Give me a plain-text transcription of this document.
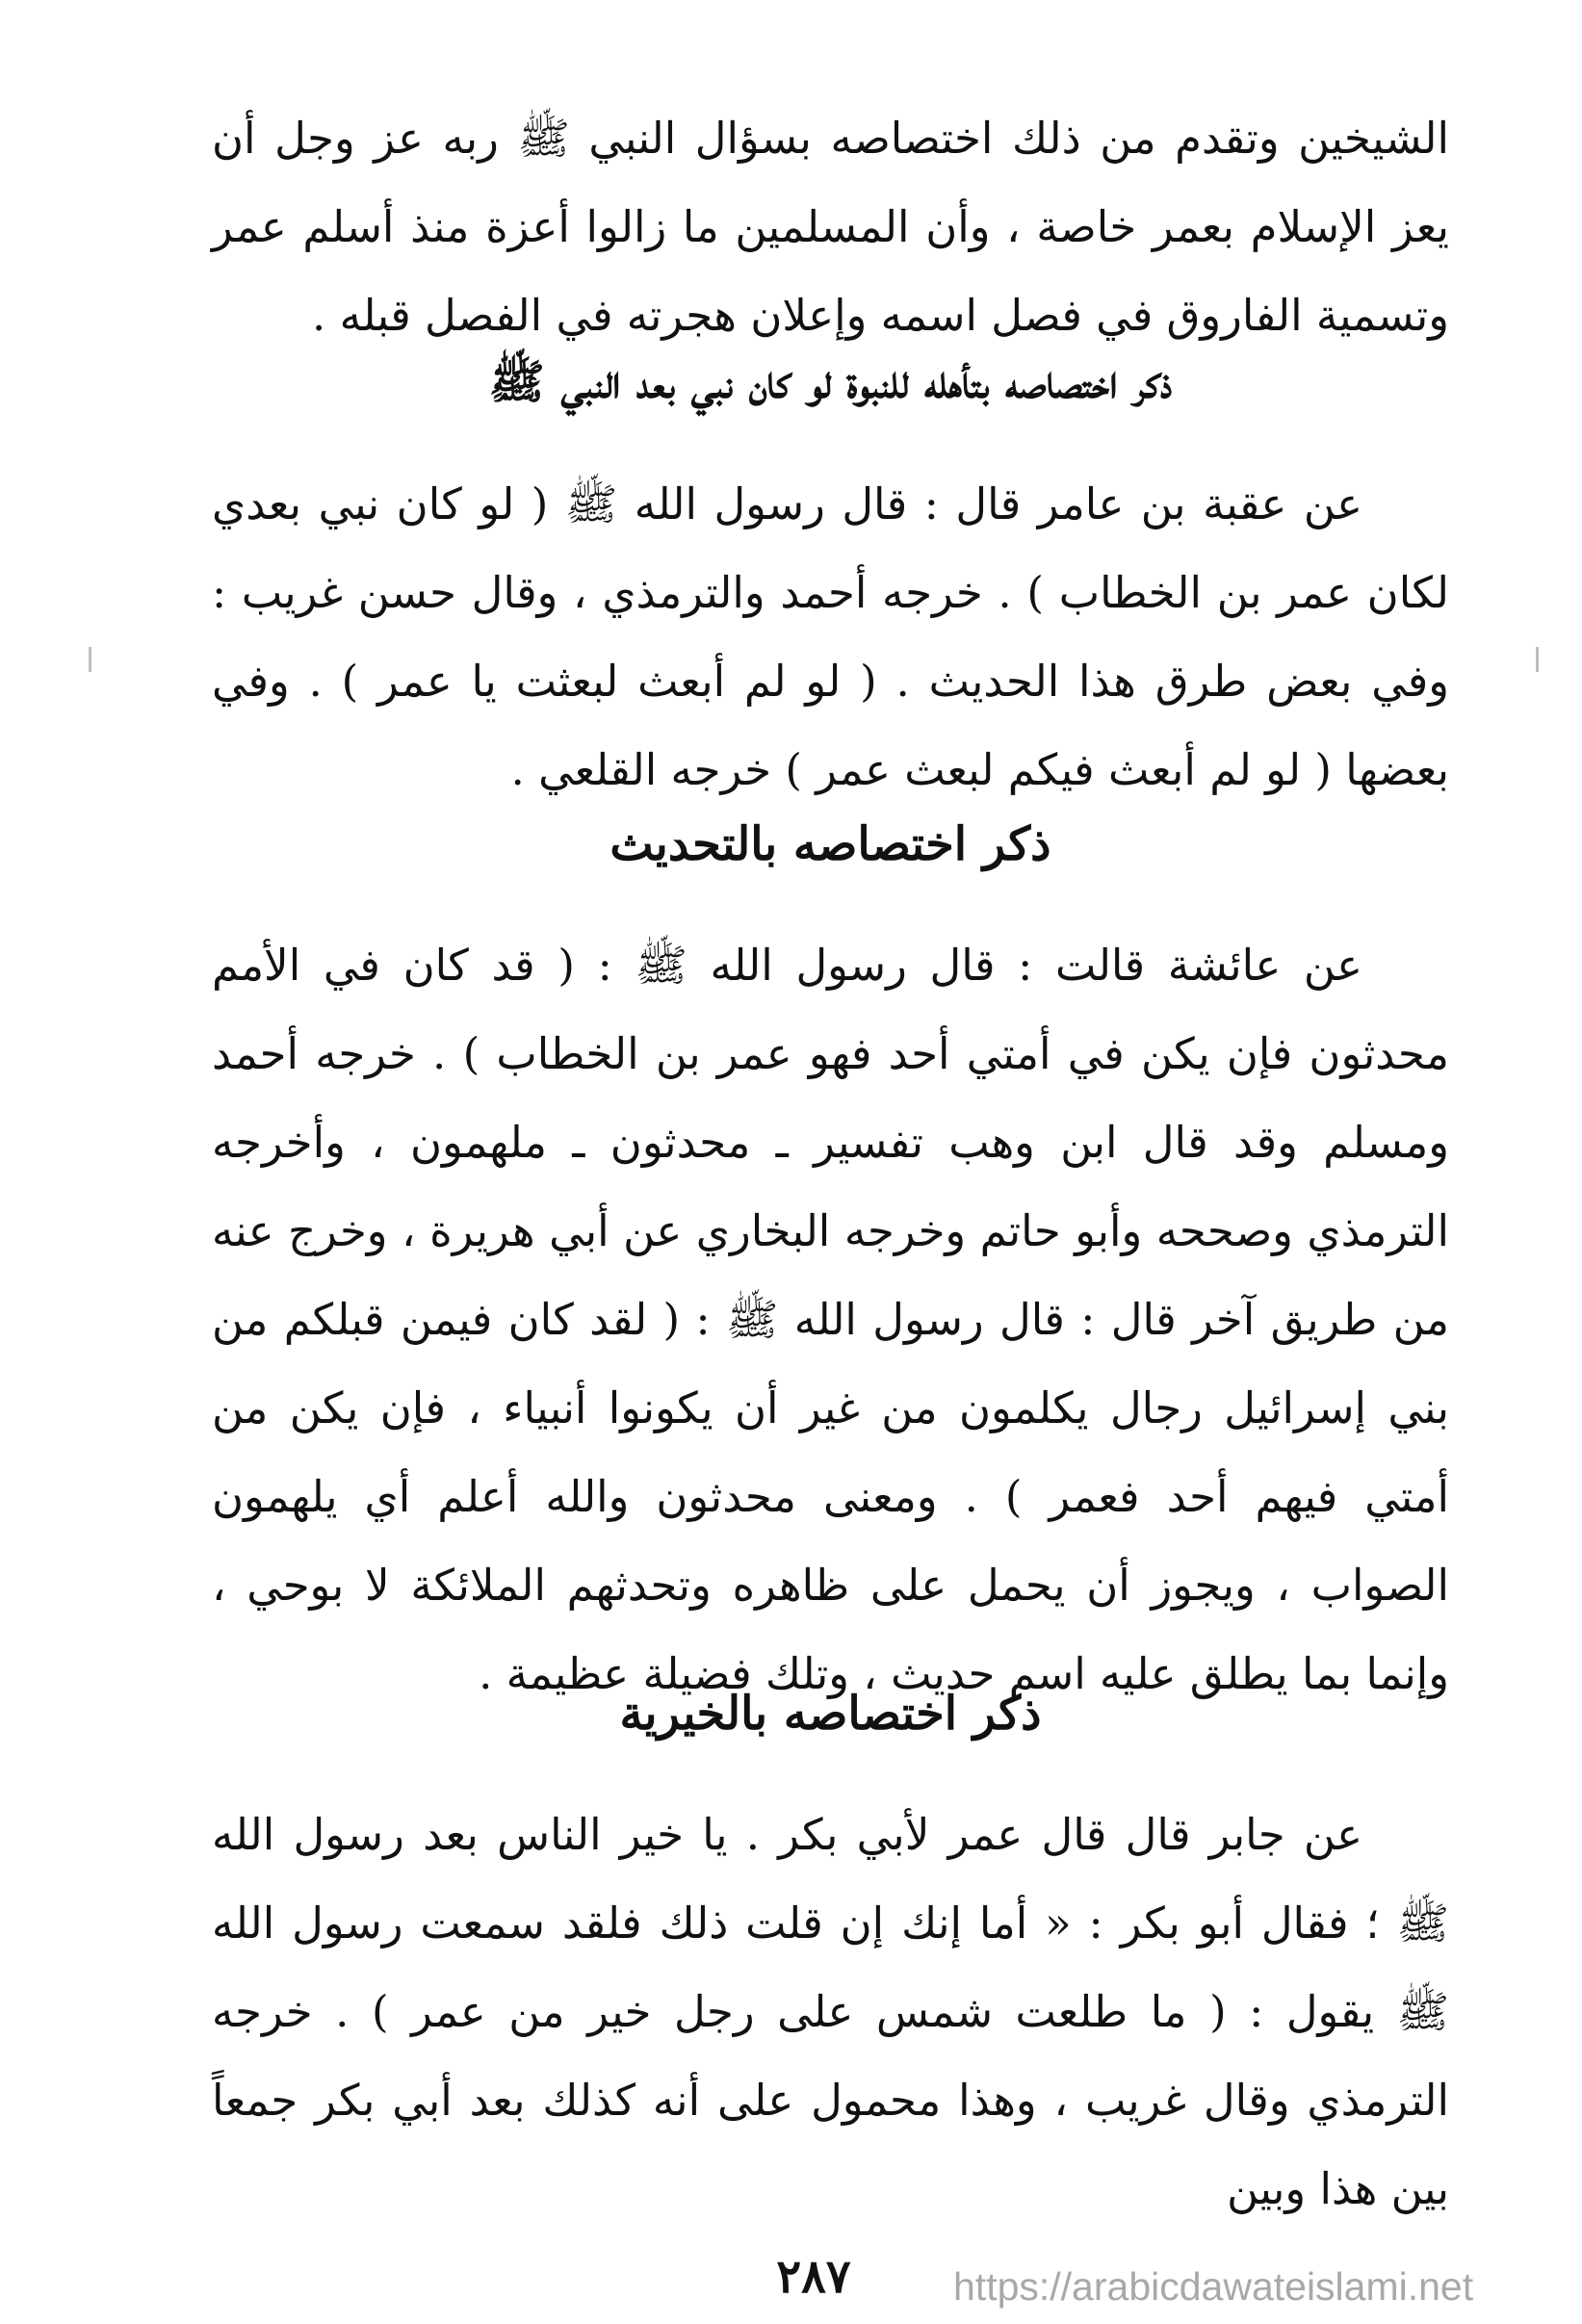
الشيخين وتقدم من ذلك اختصاصه بسؤال النبي ﷺ ربه عز وجل أن يعز الإسلام بعمر خاصة ، وأن المسلمين ما زالوا أعزة منذ أسلم عمر وتسمية الفاروق في فصل اسمه وإعلان هجرته في الفصل قبله .

ذكر اختصاصه بتأهله للنبوة لو كان نبي بعد النبي ﷺ

عن عقبة بن عامر قال : قال رسول الله ﷺ ( لو كان نبي بعدي لكان عمر بن الخطاب ) . خرجه أحمد والترمذي ، وقال حسن غريب : وفي بعض طرق هذا الحديث . ( لو لم أبعث لبعثت يا عمر ) . وفي بعضها ( لو لم أبعث فيكم لبعث عمر ) خرجه القلعي .

ذكر اختصاصه بالتحديث

عن عائشة قالت : قال رسول الله ﷺ : ( قد كان في الأمم محدثون فإن يكن في أمتي أحد فهو عمر بن الخطاب ) . خرجه أحمد ومسلم وقد قال ابن وهب تفسير ـ محدثون ـ ملهمون ، وأخرجه الترمذي وصححه وأبو حاتم وخرجه البخاري عن أبي هريرة ، وخرج عنه من طريق آخر قال : قال رسول الله ﷺ : ( لقد كان فيمن قبلكم من بني إسرائيل رجال يكلمون من غير أن يكونوا أنبياء ، فإن يكن من أمتي فيهم أحد فعمر ) . ومعنى محدثون والله أعلم أي يلهمون الصواب ، ويجوز أن يحمل على ظاهره وتحدثهم الملائكة لا بوحي ، وإنما بما يطلق عليه اسم حديث ، وتلك فضيلة عظيمة .

ذكر اختصاصه بالخيرية

عن جابر قال قال عمر لأبي بكر . يا خير الناس بعد رسول الله ﷺ ؛ فقال أبو بكر : « أما إنك إن قلت ذلك فلقد سمعت رسول الله ﷺ يقول : ( ما طلعت شمس على رجل خير من عمر ) . خرجه الترمذي وقال غريب ، وهذا محمول على أنه كذلك بعد أبي بكر جمعاً بين هذا وبين

٢٨٧	https://arabicdawateislami.net
